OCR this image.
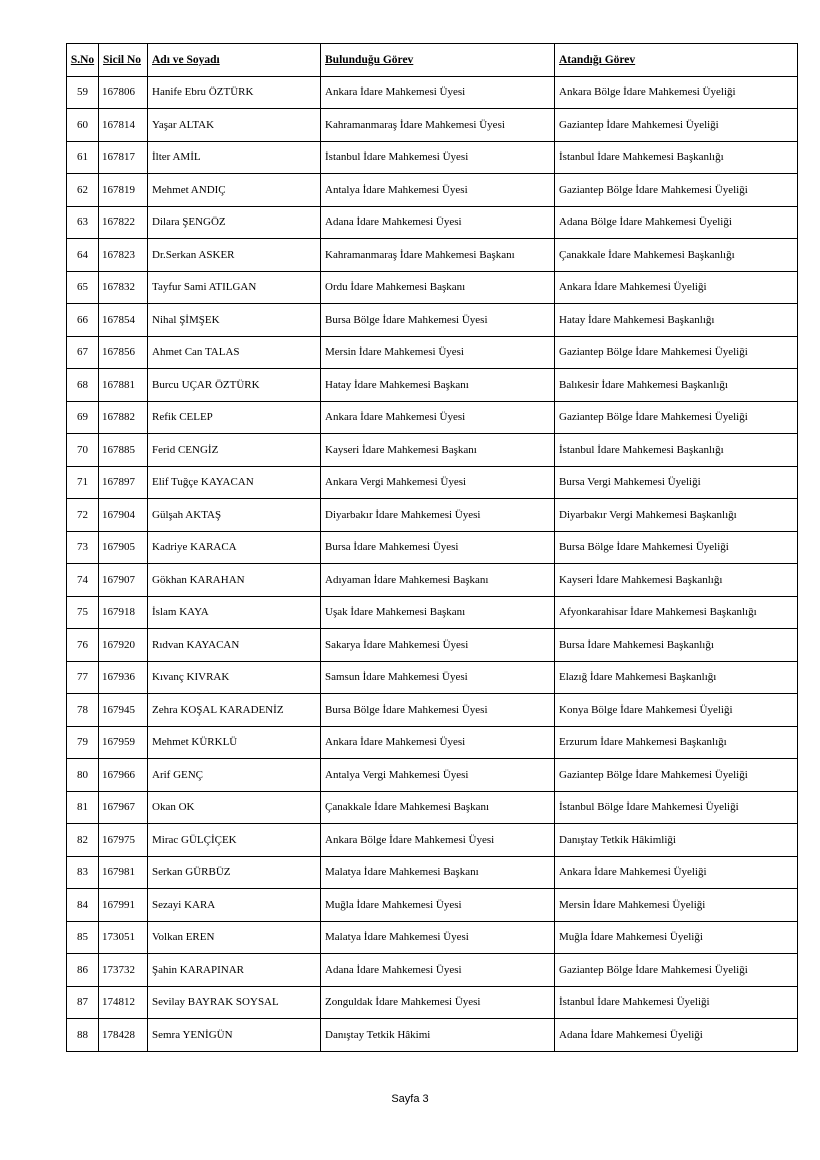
S.No	Sicil No	Adı ve Soyadı	Bulunduğu Görev	Atandığı Görev
59	167806	Hanife Ebru ÖZTÜRK	Ankara İdare Mahkemesi Üyesi	Ankara Bölge İdare Mahkemesi Üyeliği
60	167814	Yaşar ALTAK	Kahramanmaraş İdare Mahkemesi Üyesi	Gaziantep İdare Mahkemesi Üyeliği
61	167817	İlter AMİL	İstanbul İdare Mahkemesi Üyesi	İstanbul İdare Mahkemesi Başkanlığı
62	167819	Mehmet ANDIÇ	Antalya İdare Mahkemesi Üyesi	Gaziantep Bölge İdare Mahkemesi Üyeliği
63	167822	Dilara ŞENGÖZ	Adana İdare Mahkemesi Üyesi	Adana Bölge İdare Mahkemesi Üyeliği
64	167823	Dr.Serkan ASKER	Kahramanmaraş İdare Mahkemesi Başkanı	Çanakkale İdare Mahkemesi Başkanlığı
65	167832	Tayfur Sami ATILGAN	Ordu İdare Mahkemesi Başkanı	Ankara İdare Mahkemesi Üyeliği
66	167854	Nihal ŞİMŞEK	Bursa Bölge İdare Mahkemesi Üyesi	Hatay İdare Mahkemesi Başkanlığı
67	167856	Ahmet Can TALAS	Mersin İdare Mahkemesi Üyesi	Gaziantep Bölge İdare Mahkemesi Üyeliği
68	167881	Burcu UÇAR ÖZTÜRK	Hatay İdare Mahkemesi Başkanı	Balıkesir İdare Mahkemesi Başkanlığı
69	167882	Refik CELEP	Ankara İdare Mahkemesi Üyesi	Gaziantep Bölge İdare Mahkemesi Üyeliği
70	167885	Ferid CENGİZ	Kayseri İdare Mahkemesi Başkanı	İstanbul İdare Mahkemesi Başkanlığı
71	167897	Elif Tuğçe KAYACAN	Ankara Vergi Mahkemesi Üyesi	Bursa Vergi Mahkemesi Üyeliği
72	167904	Gülşah AKTAŞ	Diyarbakır İdare Mahkemesi Üyesi	Diyarbakır Vergi Mahkemesi Başkanlığı
73	167905	Kadriye KARACA	Bursa İdare Mahkemesi Üyesi	Bursa Bölge İdare Mahkemesi Üyeliği
74	167907	Gökhan KARAHAN	Adıyaman İdare Mahkemesi Başkanı	Kayseri İdare Mahkemesi Başkanlığı
75	167918	İslam KAYA	Uşak İdare Mahkemesi Başkanı	Afyonkarahisar İdare Mahkemesi Başkanlığı
76	167920	Rıdvan KAYACAN	Sakarya İdare Mahkemesi Üyesi	Bursa İdare Mahkemesi Başkanlığı
77	167936	Kıvanç KIVRAK	Samsun İdare Mahkemesi Üyesi	Elazığ İdare Mahkemesi Başkanlığı
78	167945	Zehra KOŞAL KARADENİZ	Bursa Bölge İdare Mahkemesi Üyesi	Konya Bölge İdare Mahkemesi Üyeliği
79	167959	Mehmet KÜRKLÜ	Ankara İdare Mahkemesi Üyesi	Erzurum İdare Mahkemesi Başkanlığı
80	167966	Arif GENÇ	Antalya Vergi Mahkemesi Üyesi	Gaziantep Bölge İdare Mahkemesi Üyeliği
81	167967	Okan OK	Çanakkale İdare Mahkemesi Başkanı	İstanbul Bölge İdare Mahkemesi Üyeliği
82	167975	Mirac GÜLÇİÇEK	Ankara Bölge İdare Mahkemesi Üyesi	Danıştay Tetkik Hâkimliği
83	167981	Serkan GÜRBÜZ	Malatya İdare Mahkemesi Başkanı	Ankara İdare Mahkemesi Üyeliği
84	167991	Sezayi KARA	Muğla İdare Mahkemesi Üyesi	Mersin İdare Mahkemesi Üyeliği
85	173051	Volkan EREN	Malatya İdare Mahkemesi Üyesi	Muğla İdare Mahkemesi Üyeliği
86	173732	Şahin KARAPINAR	Adana İdare Mahkemesi Üyesi	Gaziantep Bölge İdare Mahkemesi Üyeliği
87	174812	Sevilay BAYRAK SOYSAL	Zonguldak İdare Mahkemesi Üyesi	İstanbul İdare Mahkemesi Üyeliği
88	178428	Semra YENİGÜN	Danıştay Tetkik Hâkimi	Adana İdare Mahkemesi Üyeliği
Sayfa 3
